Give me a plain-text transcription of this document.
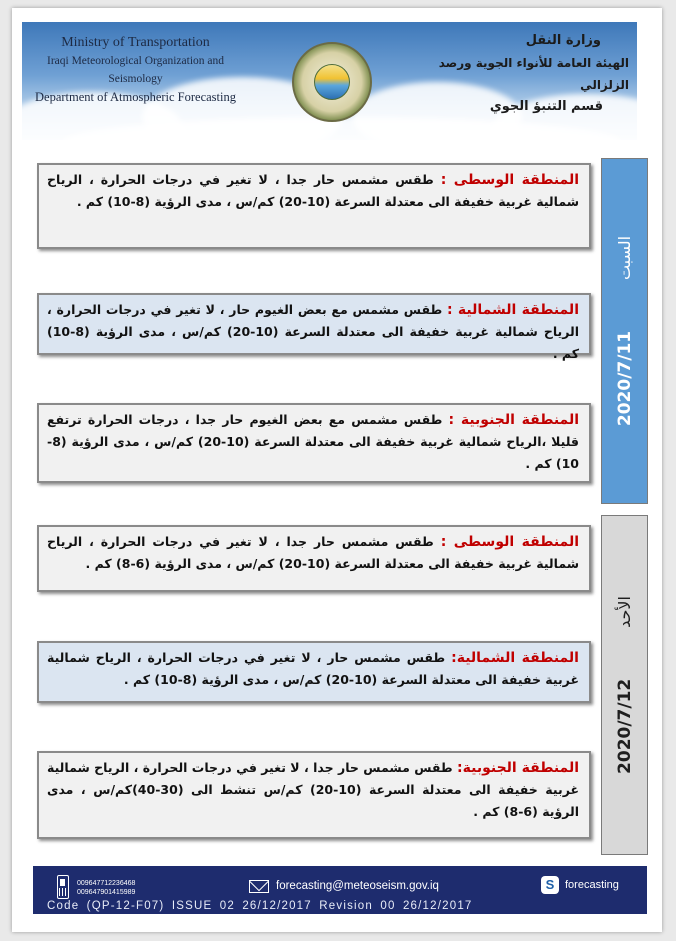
Ministry of Transportation
Iraqi Meteorological Organization and Seismology
Department of Atmospheric Forecasting
وزارة النقل
الهيئة العامة للأنواء الجوية ورصد الزلزالي
قسم التنبؤ الجوي
المنطقة الوسطى : طقس مشمس حار جدا ، لا تغير في درجات الحرارة ، الرياح شمالية غربية خفيفة الى معتدلة السرعة (10-20) كم/س ، مدى الرؤية (8-10) كم .
المنطقة الشمالية : طقس مشمس مع بعض الغيوم حار ، لا تغير في درجات الحرارة ، الرياح شمالية غربية خفيفة الى معتدلة السرعة (10-20) كم/س ، مدى الرؤية (8-10) كم .
المنطقة الجنوبية : طقس مشمس مع بعض الغيوم حار جدا ، درجات الحرارة ترتفع قليلا ،الرياح شمالية غربية خفيفة الى معتدلة السرعة (10-20) كم/س ، مدى الرؤية (8-10) كم .
المنطقة الوسطى : طقس مشمس حار جدا ، لا تغير في درجات الحرارة ، الرياح شمالية غربية خفيفة الى معتدلة السرعة (10-20) كم/س ، مدى الرؤية (6-8) كم .
المنطقة الشمالية: طقس مشمس حار ، لا تغير في درجات الحرارة ، الرياح شمالية غربية خفيفة الى معتدلة السرعة (10-20) كم/س ، مدى الرؤية (8-10) كم .
المنطقة الجنوبية: طقس مشمس حار جدا ، لا تغير في درجات الحرارة ، الرياح شمالية غربية خفيفة الى معتدلة السرعة (10-20) كم/س تنشط الى (30-40)كم/س ، مدى الرؤية (6-8) كم .
2020/7/11          السبت
2020/7/12          الأحد
009647712236468
009647901415989
forecasting@meteoseism.gov.iq	S forecasting
Code (QP-12-F07) ISSUE 02 26/12/2017 Revision 00 26/12/2017
